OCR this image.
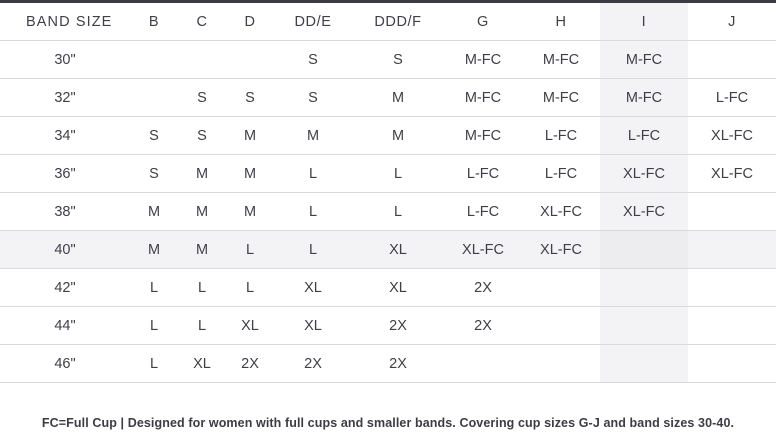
BAND SIZE	B	C	D	DD/E	DDD/F	G	H	I	J
30"				S	S	M-FC	M-FC	M-FC	
32"		S	S	S	M	M-FC	M-FC	M-FC	L-FC
34"	S	S	M	M	M	M-FC	L-FC	L-FC	XL-FC
36"	S	M	M	L	L	L-FC	L-FC	XL-FC	XL-FC
38"	M	M	M	L	L	L-FC	XL-FC	XL-FC	
40"	M	M	L	L	XL	XL-FC	XL-FC		
42"	L	L	L	XL	XL	2X			
44"	L	L	XL	XL	2X	2X			
46"	L	XL	2X	2X	2X				
FC=Full Cup | Designed for women with full cups and smaller bands. Covering cup sizes G-J and band sizes 30-40.
